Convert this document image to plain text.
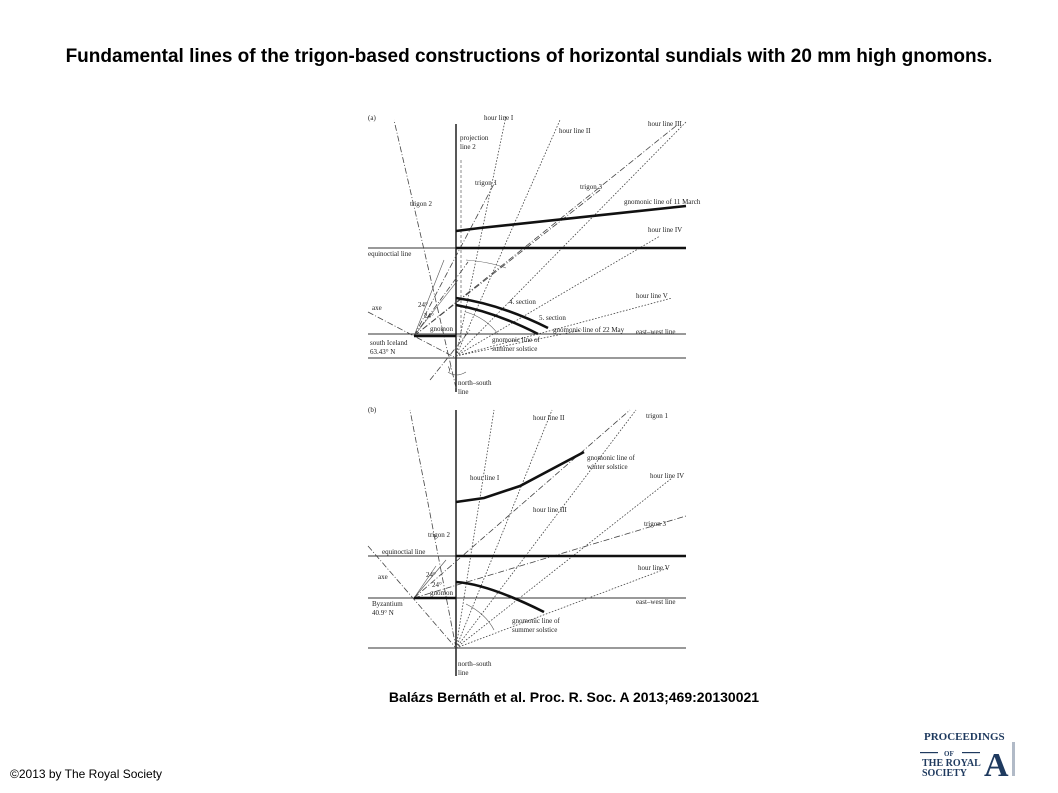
Fundamental lines of the trigon-based constructions of horizontal sundials with 20 mm high gnomons.
(a)	hour line I
hour line II
hour line III
projection
line 2
trigon 1	trigon 3
trigon 2	gnomonic line of 11 March
hour line IV
equinoctial line
hour line V
axe
4. section
5. section
gnomonic line of 22 May east–west line
gnomon
south Iceland
63.43° N
gnomonic line of
summer solstice
north–south
line
24°
24°
γ
(b)
hour line II	trigon 1
gnomonic line of
winter solstice
hour line I	hour line IV
hour line III
trigon 3
trigon 2
equinoctial line
hour line V
axe	24°
24°
gnomon
east–west line
Byzantium
40.9° N
gnomonic line of
summer solstice
north–south
line
Balázs Bernáth et al. Proc. R. Soc. A 2013;469:20130021
©2013 by The Royal Society
PROCEEDINGS
OF
THE ROYAL
SOCIETY A
